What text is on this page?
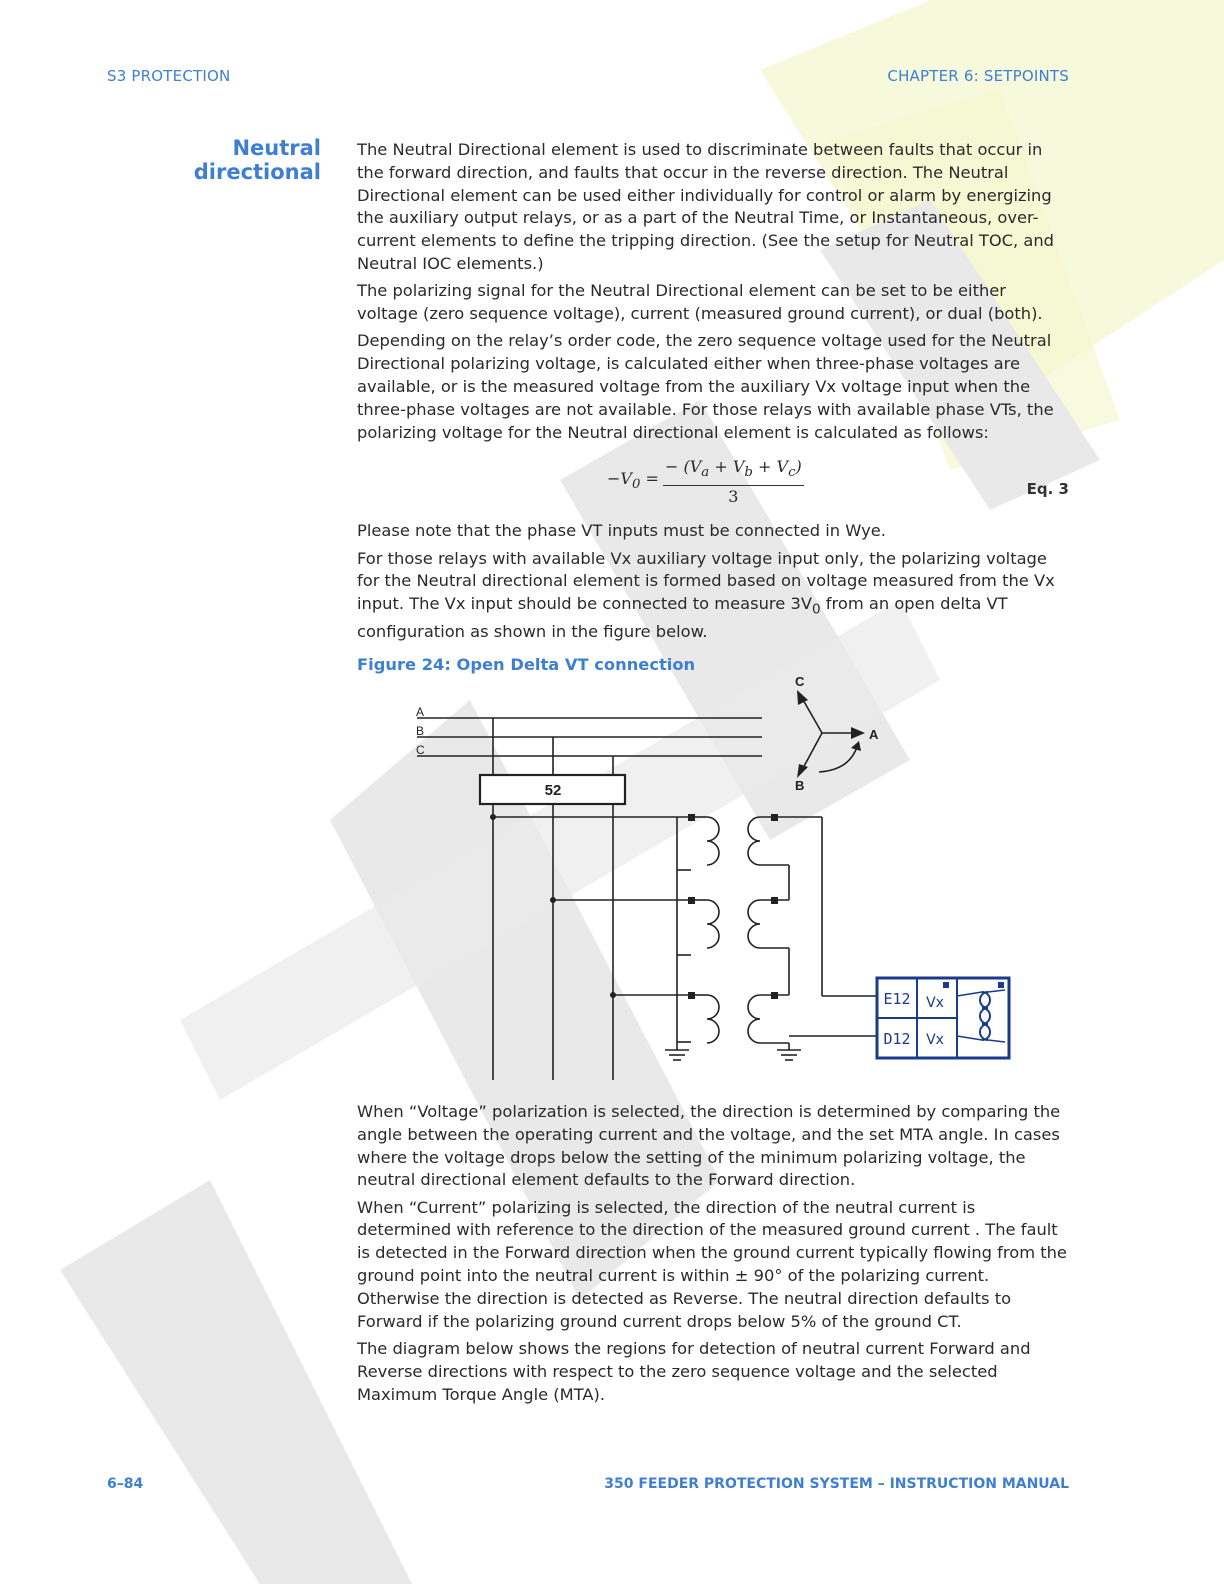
S3 PROTECTION	CHAPTER 6: SETPOINTS
Neutral directional

The Neutral Directional element is used to discriminate between faults that occur in the forward direction, and faults that occur in the reverse direction. The Neutral Directional element can be used either individually for control or alarm by energizing the auxiliary output relays, or as a part of the Neutral Time, or Instantaneous, over-current elements to define the tripping direction. (See the setup for Neutral TOC, and Neutral IOC elements.)

The polarizing signal for the Neutral Directional element can be set to be either voltage (zero sequence voltage), current (measured ground current), or dual (both).

Depending on the relay’s order code, the zero sequence voltage used for the Neutral Directional polarizing voltage, is calculated either when three-phase voltages are available, or is the measured voltage from the auxiliary Vx voltage input when the three-phase voltages are not available. For those relays with available phase VTs, the polarizing voltage for the Neutral directional element is calculated as follows:

$-V_0 = \frac{- (V_a + V_b + V_c)}{3}$	Eq. 3

Please note that the phase VT inputs must be connected in Wye.

For those relays with available Vx auxiliary voltage input only, the polarizing voltage for the Neutral directional element is formed based on voltage measured from the Vx input. The Vx input should be connected to measure $3V_0$ from an open delta VT configuration as shown in the figure below.

Figure 24: Open Delta VT connection
52
A
B
C
A
B
C
E12
D12
Vx
Vx

When “Voltage” polarization is selected, the direction is determined by comparing the angle between the operating current and the voltage, and the set MTA angle. In cases where the voltage drops below the setting of the minimum polarizing voltage, the neutral directional element defaults to the Forward direction.

When “Current” polarizing is selected, the direction of the neutral current is determined with reference to the direction of the measured ground current . The fault is detected in the Forward direction when the ground current typically flowing from the ground point into the neutral current is within ± 90° of the polarizing current. Otherwise the direction is detected as Reverse. The neutral direction defaults to Forward if the polarizing ground current drops below 5% of the ground CT.

The diagram below shows the regions for detection of neutral current Forward and Reverse directions with respect to the zero sequence voltage and the selected Maximum Torque Angle (MTA).

6–84	350 FEEDER PROTECTION SYSTEM – INSTRUCTION MANUAL
